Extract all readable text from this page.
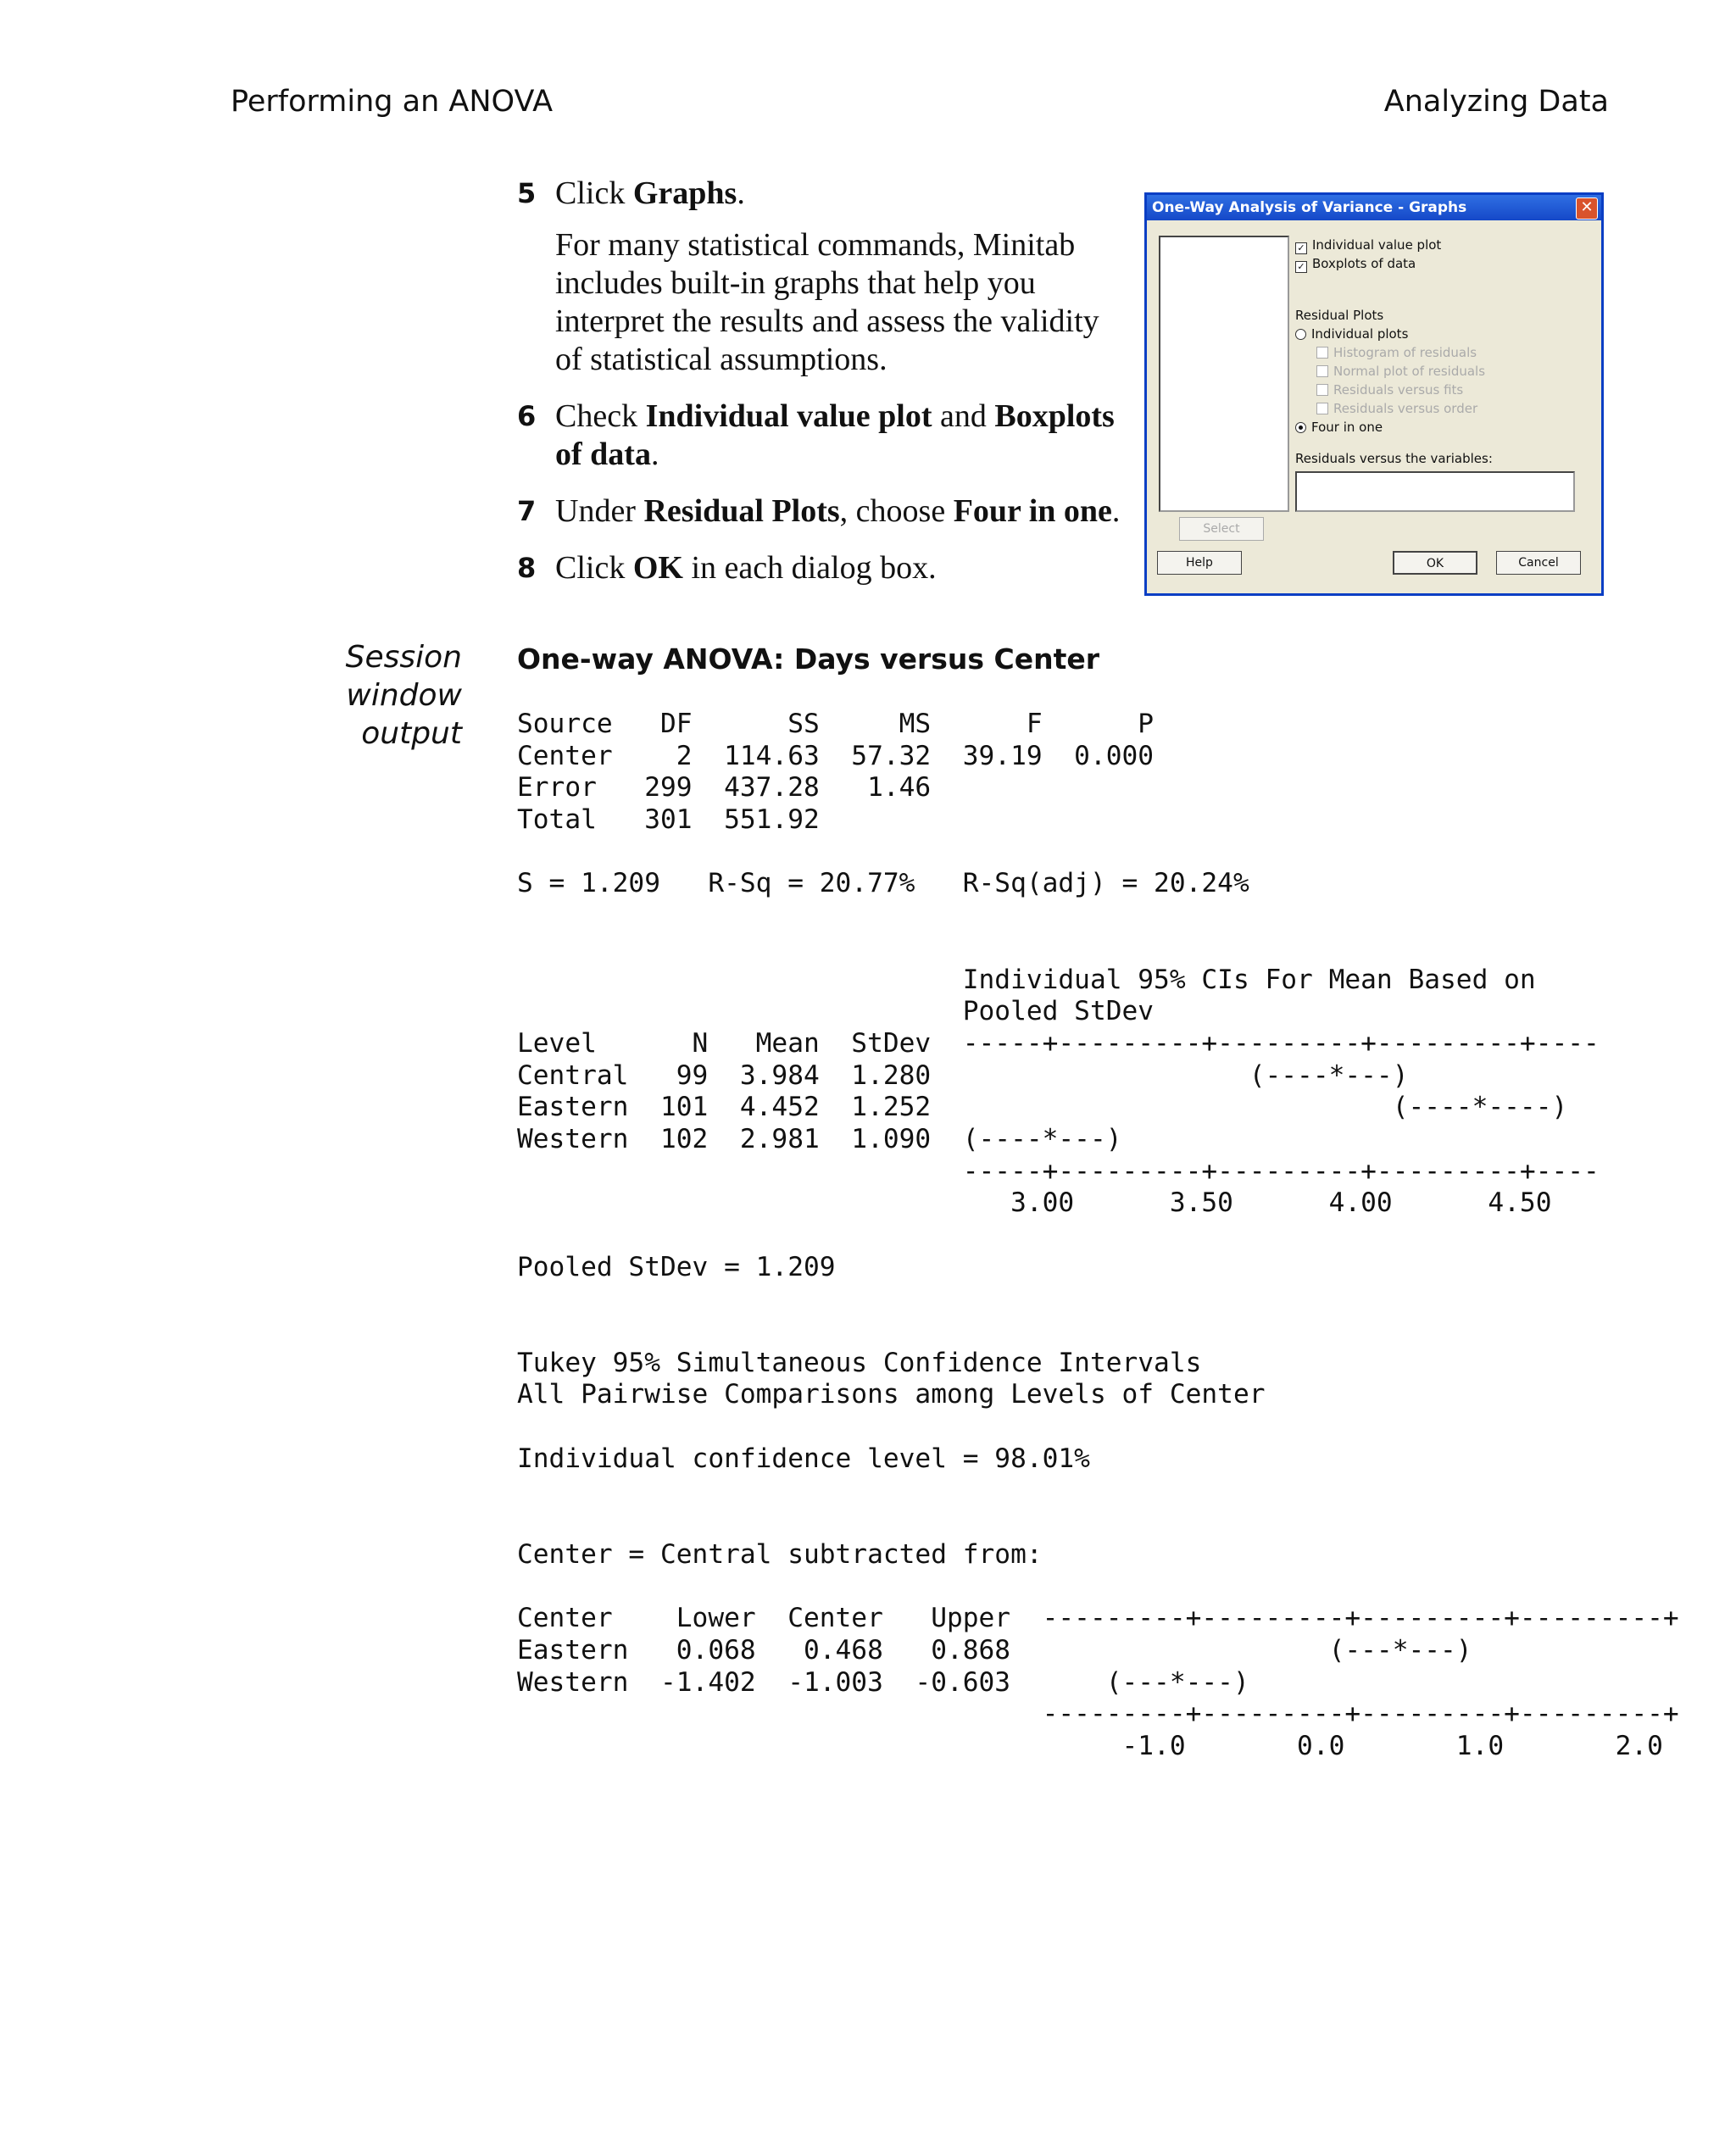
Performing an ANOVA	Analyzing Data
5 Click Graphs.
For many statistical commands, Minitab includes built-in graphs that help you interpret the results and assess the validity of statistical assumptions.
6 Check Individual value plot and Boxplots of data.
7 Under Residual Plots, choose Four in one.
8 Click OK in each dialog box.
One-Way Analysis of Variance - Graphs	✕
✓ Individual value plot
✓ Boxplots of data
Residual Plots
Individual plots
Histogram of residuals
Normal plot of residuals
Residuals versus fits
Residuals versus order
Four in one
Residuals versus the variables:
Select
Help	OK	Cancel
Session
window
output
One-way ANOVA: Days versus Center
Source   DF      SS     MS      F      P
Center    2  114.63  57.32  39.19  0.000
Error   299  437.28   1.46
Total   301  551.92
S = 1.209   R-Sq = 20.77%   R-Sq(adj) = 20.24%
Individual 95% CIs For Mean Based on
Pooled StDev
Level      N   Mean  StDev  -----+---------+---------+---------+----
Central   99  3.984  1.280                    (----*---)
Eastern  101  4.452  1.252                             (----*----)
Western  102  2.981  1.090  (----*---)
-----+---------+---------+---------+----
3.00      3.50      4.00      4.50
Pooled StDev = 1.209
Tukey 95% Simultaneous Confidence Intervals
All Pairwise Comparisons among Levels of Center
Individual confidence level = 98.01%
Center = Central subtracted from:
Center    Lower  Center   Upper  ---------+---------+---------+---------+
Eastern   0.068   0.468   0.868                    (---*---)
Western  -1.402  -1.003  -0.603      (---*---)
---------+---------+---------+---------+
-1.0       0.0       1.0       2.0
